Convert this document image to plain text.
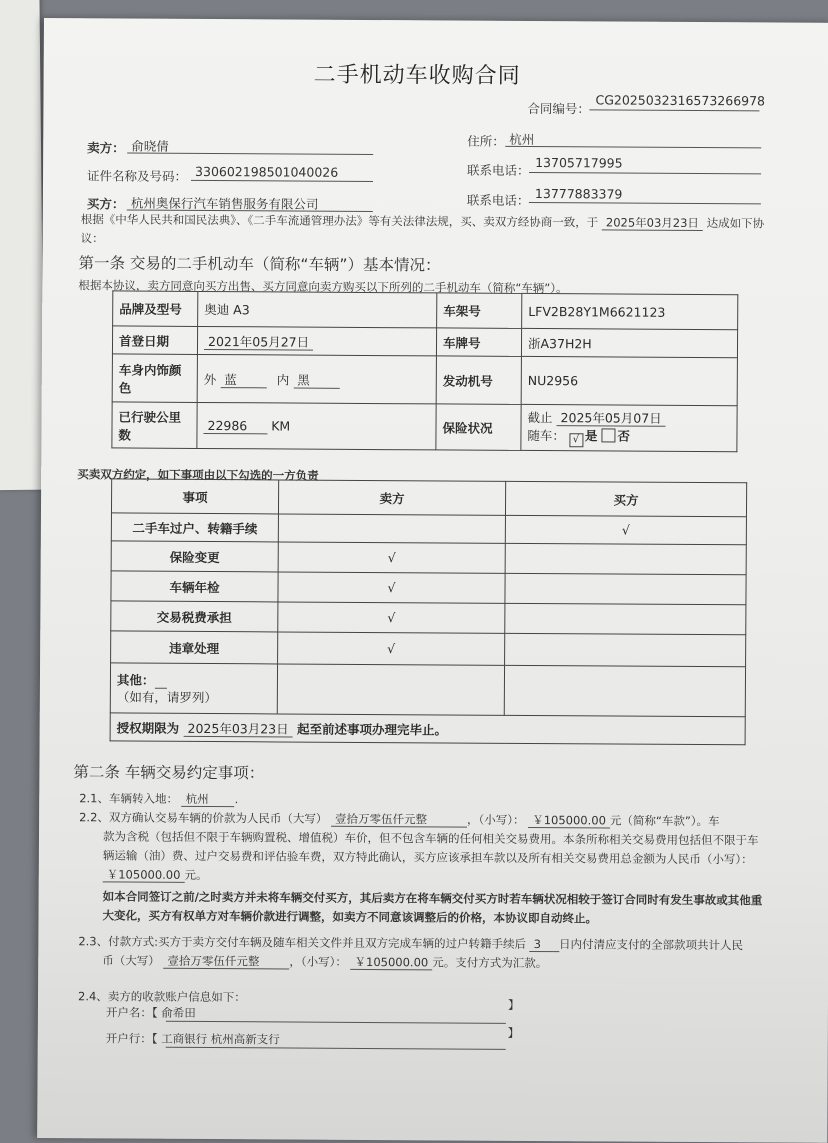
二手机动车收购合同
合同编号：
CG2025032316573266978
卖方： 俞晓倩	住所： 杭州
证件名称及号码： 330602198501040026	联系电话： 13705717995
买方： 杭州奥保行汽车销售服务有限公司	联系电话： 13777883379
根据《中华人民共和国民法典》、《二手车流通管理办法》等有关法律法规，买、卖双方经协商一致，于 2025年03月23日 达成如下协
议：
第一条 交易的二手机动车（简称“车辆”）基本情况：
根据本协议，卖方同意向买方出售、买方同意向卖方购买以下所列的二手机动车（简称“车辆”）。
品牌及型号	奥迪 A3	车架号	LFV2B28Y1M6621123
首登日期	2021年05月27日	车牌号	浙A37H2H
车身内饰颜色	外 蓝 内 黑	发动机号	NU2956
已行驶公里数	22986 KM	保险状况	截止 2025年05月07日
随车： √ 是 否
买卖双方约定，如下事项由以下勾选的一方负责
事项	卖方	买方
二手车过户、转籍手续		√
保险变更	√	
车辆年检	√	
交易税费承担	√	
违章处理	√	
其他：
（如有，请罗列）		
授权期限为 2025年03月23日 起至前述事项办理完毕止。		
第二条 车辆交易约定事项：
2.1、车辆转入地： 杭州 .
2.2、双方确认交易车辆的价款为人民币（大写） 壹拾万零伍仟元整	，（小写）： ￥105000.00 元（简称“车款”）。车
款为含税（包括但不限于车辆购置税、增值税）车价，但不包含车辆的任何相关交易费用。本条所称相关交易费用包括但不限于车
辆运输（油）费、过户交易费和评估验车费，双方特此确认，买方应该承担车款以及所有相关交易费用总金额为人民币（小写）：
￥105000.00 元。
如本合同签订之前/之时卖方并未将车辆交付买方，其后卖方在将车辆交付买方时若车辆状况相较于签订合同时有发生事故或其他重
大变化，买方有权单方对车辆价款进行调整，如卖方不同意该调整后的价格，本协议即自动终止。
2.3、付款方式:买方于卖方交付车辆及随车相关文件并且双方完成车辆的过户转籍手续后 3 日内付清应支付的全部款项共计人民
币（大写） 壹拾万零伍仟元整	，（小写）： ￥105000.00 元。支付方式为汇款。
2.4、卖方的收款账户信息如下：
开户名：【 俞希田
】
开户行：【 工商银行 杭州高新支行	】
